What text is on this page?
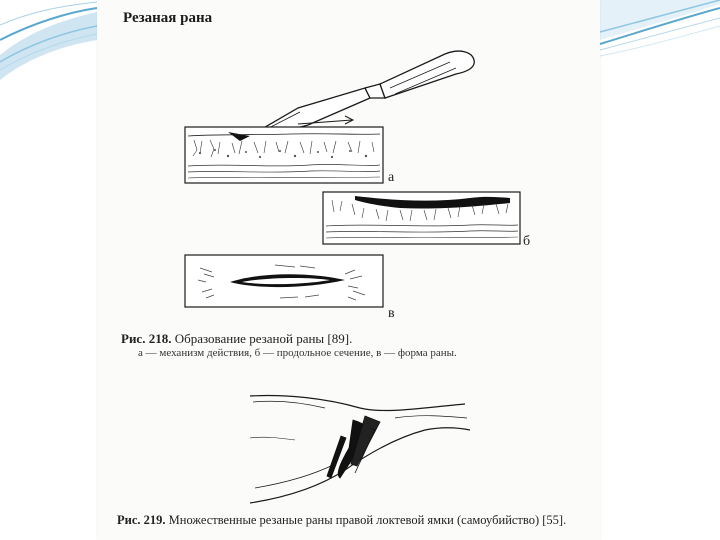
Резаная рана
а
б
в
Рис. 218. Образование резаной раны [89].
а — механизм действия, б — продольное сечение, в — форма раны.
Рис. 219. Множественные резаные раны правой локтевой ямки (самоубийство) [55].
